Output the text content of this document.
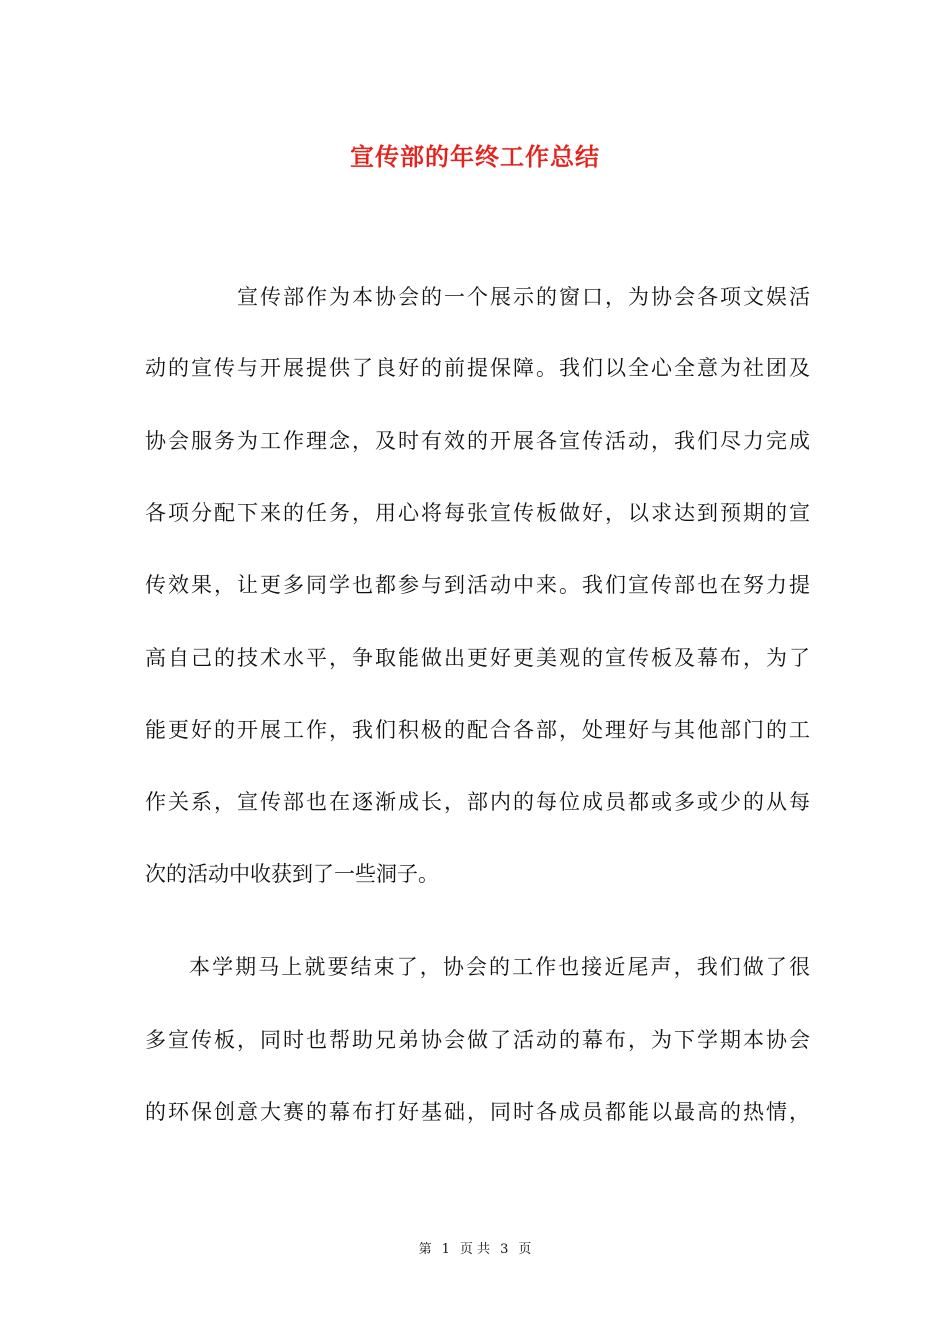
宣传部的年终工作总结

宣传部作为本协会的一个展示的窗口，为协会各项文娱活

动的宣传与开展提供了良好的前提保障。我们以全心全意为社团及

协会服务为工作理念，及时有效的开展各宣传活动，我们尽力完成

各项分配下来的任务，用心将每张宣传板做好，以求达到预期的宣

传效果，让更多同学也都参与到活动中来。我们宣传部也在努力提

高自己的技术水平，争取能做出更好更美观的宣传板及幕布，为了

能更好的开展工作，我们积极的配合各部，处理好与其他部门的工

作关系，宣传部也在逐渐成长，部内的每位成员都或多或少的从每

次的活动中收获到了一些洞子。

本学期马上就要结束了，协会的工作也接近尾声，我们做了很

多宣传板，同时也帮助兄弟协会做了活动的幕布，为下学期本协会

的环保创意大赛的幕布打好基础，同时各成员都能以最高的热情，

第 1 页 共 3 页
